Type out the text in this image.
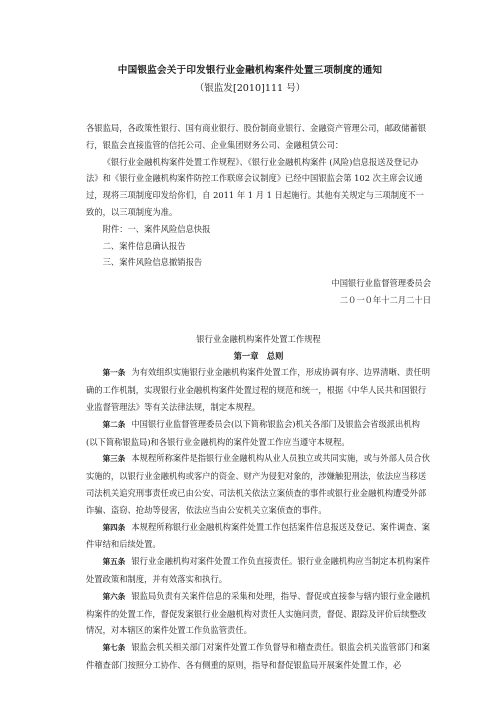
中国银监会关于印发银行业金融机构案件处置三项制度的通知
（银监发[2010]111 号）

各银监局，各政策性银行、国有商业银行、股份制商业银行、金融资产管理公司，邮政储蓄银行，银监会直接监管的信托公司、企业集团财务公司、金融租赁公司：

《银行业金融机构案件处置工作规程》、《银行业金融机构案件 (风险)信息报送及登记办法》和《银行业金融机构案件防控工作联席会议制度》已经中国银监会第 102 次主席会议通过，现将三项制度印发给你们，自 2011 年 1 月 1 日起施行。其他有关规定与三项制度不一致的，以三项制度为准。

附件：一、案件风险信息快报

二、案件信息确认报告

三、案件风险信息撤销报告

中国银行业监督管理委员会

二０一０年十二月二十日

银行业金融机构案件处置工作规程

第一章　总则

第一条 为有效组织实施银行业金融机构案件处置工作，形成协调有序、边界清晰、责任明确的工作机制，实现银行业金融机构案件处置过程的规范和统一，根据《中华人民共和国银行业监督管理法》等有关法律法规，制定本规程。

第二条 中国银行业监督管理委员会(以下简称银监会)机关各部门及银监会省级派出机构(以下简称银监局)和各银行业金融机构的案件处置工作应当遵守本规程。

第三条 本规程所称案件是指银行业金融机构从业人员独立或共同实施，或与外部人员合伙实施的，以银行业金融机构或客户的资金、财产为侵犯对象的，涉嫌触犯刑法，依法应当移送司法机关追究刑事责任或已由公安、司法机关依法立案侦查的事件或银行业金融机构遭受外部诈骗、盗窃、抢劫等侵害，依法应当由公安机关立案侦查的事件。

第四条 本规程所称银行业金融机构案件处置工作包括案件信息报送及登记、案件调查、案件审结和后续处置。

第五条 银行业金融机构对案件处置工作负直接责任。银行业金融机构应当制定本机构案件处置政策和制度，并有效落实和执行。

第六条 银监局负责有关案件信息的采集和处理，指导、督促或直接参与辖内银行业金融机构案件的处置工作，督促发案银行业金融机构对责任人实施问责，督促、跟踪及评价后续整改情况，对本辖区的案件处置工作负监管责任。

第七条 银监会机关相关部门对案件处置工作负督导和稽查责任。银监会机关监管部门和案件稽查部门按照分工协作、各有侧重的原则，指导和督促银监局开展案件处置工作，必
